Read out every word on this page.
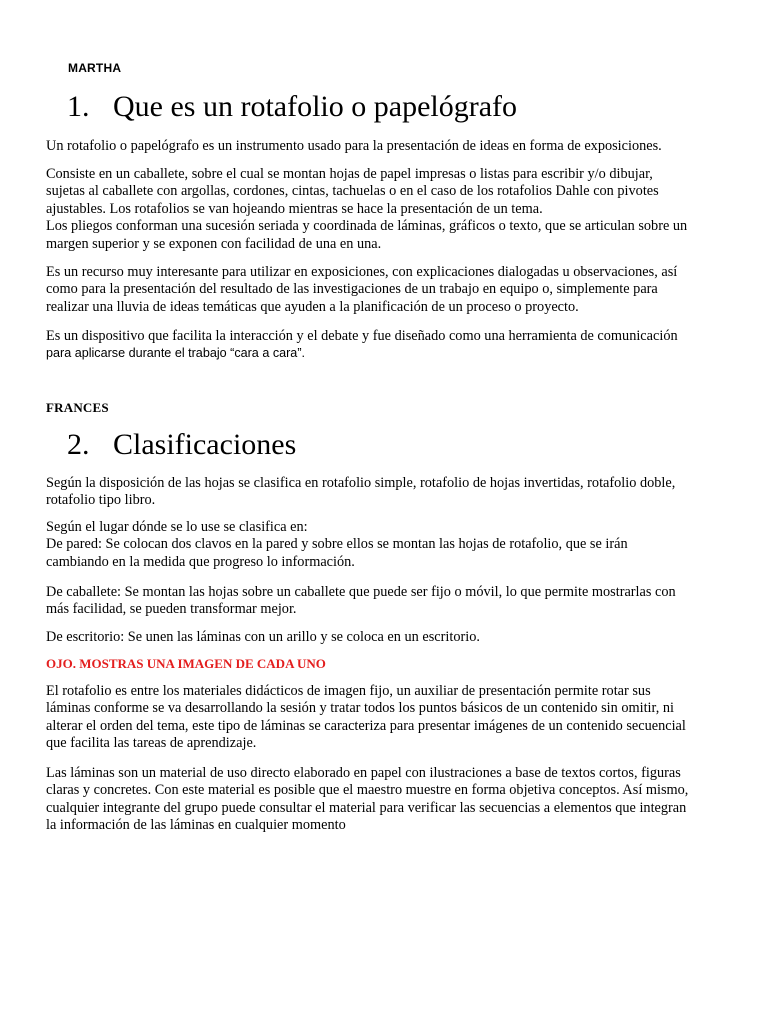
MARTHA
1. Que es un rotafolio o papelógrafo
Un rotafolio o papelógrafo es un instrumento usado para la presentación de ideas en forma de exposiciones.
Consiste en un caballete, sobre el cual se montan hojas de papel impresas o listas para escribir y/o dibujar,
sujetas al caballete con argollas, cordones, cintas, tachuelas o en el caso de los rotafolios Dahle con pivotes
ajustables. Los rotafolios se van hojeando mientras se hace la presentación de un tema.
Los pliegos conforman una sucesión seriada y coordinada de láminas, gráficos o texto, que se articulan sobre un
margen superior y se exponen con facilidad de una en una.
Es un recurso muy interesante para utilizar en exposiciones, con explicaciones dialogadas u observaciones, así
como para la presentación del resultado de las investigaciones de un trabajo en equipo o, simplemente para
realizar una lluvia de ideas temáticas que ayuden a la planificación de un proceso o proyecto.
Es un dispositivo que facilita la interacción y el debate y fue diseñado como una herramienta de comunicación
para aplicarse durante el trabajo “cara a cara”.
FRANCES
2. Clasificaciones
Según la disposición de las hojas se clasifica en rotafolio simple, rotafolio de hojas invertidas, rotafolio doble,
rotafolio tipo libro.
Según el lugar dónde se lo use se clasifica en:
De pared: Se colocan dos clavos en la pared y sobre ellos se montan las hojas de rotafolio, que se irán
cambiando en la medida que progreso lo información.
De caballete: Se montan las hojas sobre un caballete que puede ser fijo o móvil, lo que permite mostrarlas con
más facilidad, se pueden transformar mejor.
De escritorio: Se unen las láminas con un arillo y se coloca en un escritorio.
OJO. MOSTRAS UNA IMAGEN DE CADA UNO
El rotafolio es entre los materiales didácticos de imagen fijo, un auxiliar de presentación permite rotar sus
láminas conforme se va desarrollando la sesión y tratar todos los puntos básicos de un contenido sin omitir, ni
alterar el orden del tema, este tipo de láminas se caracteriza para presentar imágenes de un contenido secuencial
que facilita las tareas de aprendizaje.
Las láminas son un material de uso directo elaborado en papel con ilustraciones a base de textos cortos, figuras
claras y concretes. Con este material es posible que el maestro muestre en forma objetiva conceptos. Así mismo,
cualquier integrante del grupo puede consultar el material para verificar las secuencias a elementos que integran
la información de las láminas en cualquier momento
